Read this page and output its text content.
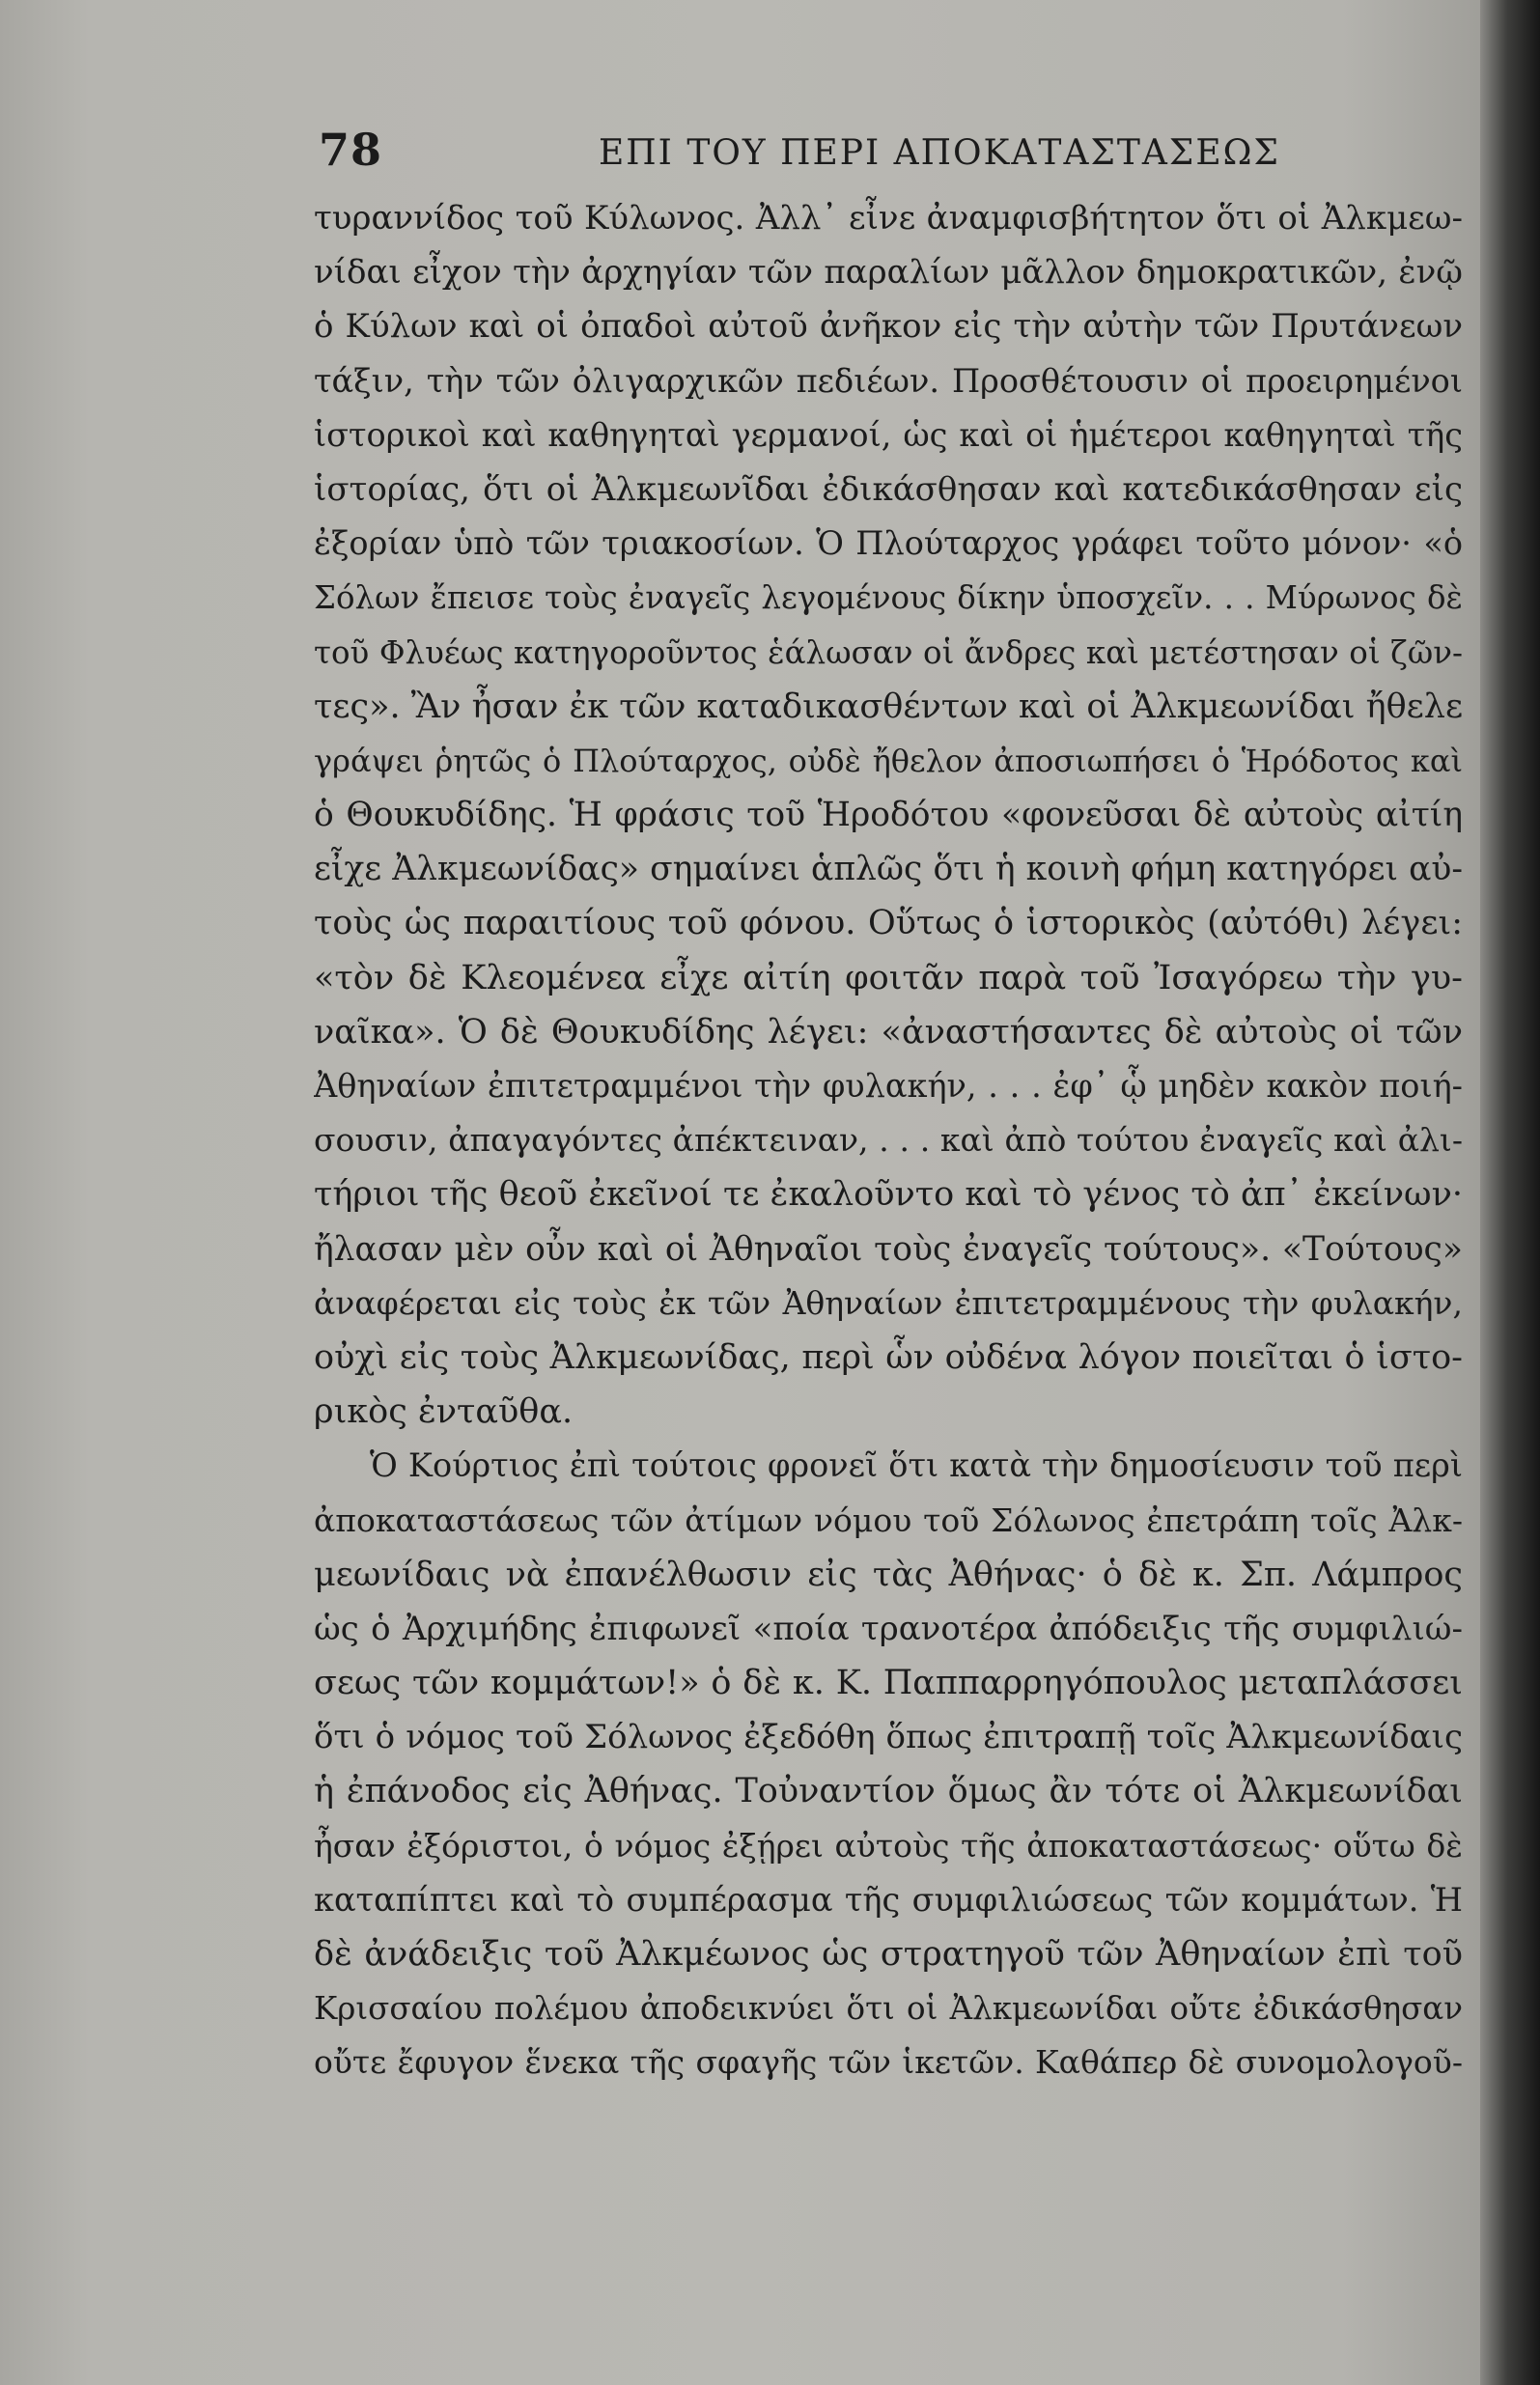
78	ΕΠΙ ΤΟΥ ΠΕΡΙ ΑΠΟΚΑΤΑΣΤΑΣΕΩΣ
τυραννίδος τοῦ Κύλωνος. Ἀλλ᾿ εἶνε ἀναμφισβήτητον ὅτι οἱ Ἀλκμεω-
νίδαι εἶχον τὴν ἀρχηγίαν τῶν παραλίων μᾶλλον δημοκρατικῶν, ἐνῷ
ὁ Κύλων καὶ οἱ ὀπαδοὶ αὐτοῦ ἀνῆκον εἰς τὴν αὐτὴν τῶν Πρυτάνεων
τάξιν, τὴν τῶν ὀλιγαρχικῶν πεδιέων. Προσθέτουσιν οἱ προειρημένοι
ἱστορικοὶ καὶ καθηγηταὶ γερμανοί, ὡς καὶ οἱ ἡμέτεροι καθηγηταὶ τῆς
ἱστορίας, ὅτι οἱ Ἀλκμεωνῖδαι ἐδικάσθησαν καὶ κατεδικάσθησαν εἰς
ἐξορίαν ὑπὸ τῶν τριακοσίων. Ὁ Πλούταρχος γράφει τοῦτο μόνον· «ὁ
Σόλων ἔπεισε τοὺς ἐναγεῖς λεγομένους δίκην ὑποσχεῖν. . . Μύρωνος δὲ
τοῦ Φλυέως κατηγοροῦντος ἑάλωσαν οἱ ἄνδρες καὶ μετέστησαν οἱ ζῶν-
τες». Ἂν ἦσαν ἐκ τῶν καταδικασθέντων καὶ οἱ Ἀλκμεωνίδαι ἤθελε
γράψει ῥητῶς ὁ Πλούταρχος, οὐδὲ ἤθελον ἀποσιωπήσει ὁ Ἡρόδοτος καὶ
ὁ Θουκυδίδης. Ἡ φράσις τοῦ Ἡροδότου «φονεῦσαι δὲ αὐτοὺς αἰτίη
εἶχε Ἀλκμεωνίδας» σημαίνει ἁπλῶς ὅτι ἡ κοινὴ φήμη κατηγόρει αὐ-
τοὺς ὡς παραιτίους τοῦ φόνου. Οὕτως ὁ ἱστορικὸς (αὐτόθι) λέγει:
«τὸν δὲ Κλεομένεα εἶχε αἰτίη φοιτᾶν παρὰ τοῦ Ἰσαγόρεω τὴν γυ-
ναῖκα». Ὁ δὲ Θουκυδίδης λέγει: «ἀναστήσαντες δὲ αὐτοὺς οἱ τῶν
Ἀθηναίων ἐπιτετραμμένοι τὴν φυλακήν, . . . ἐφ᾿ ᾧ μηδὲν κακὸν ποιή-
σουσιν, ἀπαγαγόντες ἀπέκτειναν, . . . καὶ ἀπὸ τούτου ἐναγεῖς καὶ ἀλι-
τήριοι τῆς θεοῦ ἐκεῖνοί τε ἐκαλοῦντο καὶ τὸ γένος τὸ ἀπ᾿ ἐκείνων·
ἤλασαν μὲν οὖν καὶ οἱ Ἀθηναῖοι τοὺς ἐναγεῖς τούτους». «Τούτους»
ἀναφέρεται εἰς τοὺς ἐκ τῶν Ἀθηναίων ἐπιτετραμμένους τὴν φυλακήν,
οὐχὶ εἰς τοὺς Ἀλκμεωνίδας, περὶ ὧν οὐδένα λόγον ποιεῖται ὁ ἱστο-
ρικὸς ἐνταῦθα.
Ὁ Κούρτιος ἐπὶ τούτοις φρονεῖ ὅτι κατὰ τὴν δημοσίευσιν τοῦ περὶ
ἀποκαταστάσεως τῶν ἀτίμων νόμου τοῦ Σόλωνος ἐπετράπη τοῖς Ἀλκ-
μεωνίδαις νὰ ἐπανέλθωσιν εἰς τὰς Ἀθήνας· ὁ δὲ κ. Σπ. Λάμπρος
ὡς ὁ Ἀρχιμήδης ἐπιφωνεῖ «ποία τρανοτέρα ἀπόδειξις τῆς συμφιλιώ-
σεως τῶν κομμάτων!» ὁ δὲ κ. Κ. Παππαρρηγόπουλος μεταπλάσσει
ὅτι ὁ νόμος τοῦ Σόλωνος ἐξεδόθη ὅπως ἐπιτραπῇ τοῖς Ἀλκμεωνίδαις
ἡ ἐπάνοδος εἰς Ἀθήνας. Τοὐναντίον ὅμως ἂν τότε οἱ Ἀλκμεωνίδαι
ἦσαν ἐξόριστοι, ὁ νόμος ἐξῄρει αὐτοὺς τῆς ἀποκαταστάσεως· οὕτω δὲ
καταπίπτει καὶ τὸ συμπέρασμα τῆς συμφιλιώσεως τῶν κομμάτων. Ἡ
δὲ ἀνάδειξις τοῦ Ἀλκμέωνος ὡς στρατηγοῦ τῶν Ἀθηναίων ἐπὶ τοῦ
Κρισσαίου πολέμου ἀποδεικνύει ὅτι οἱ Ἀλκμεωνίδαι οὔτε ἐδικάσθησαν
οὔτε ἔφυγον ἕνεκα τῆς σφαγῆς τῶν ἱκετῶν. Καθάπερ δὲ συνομολογοῦ-
